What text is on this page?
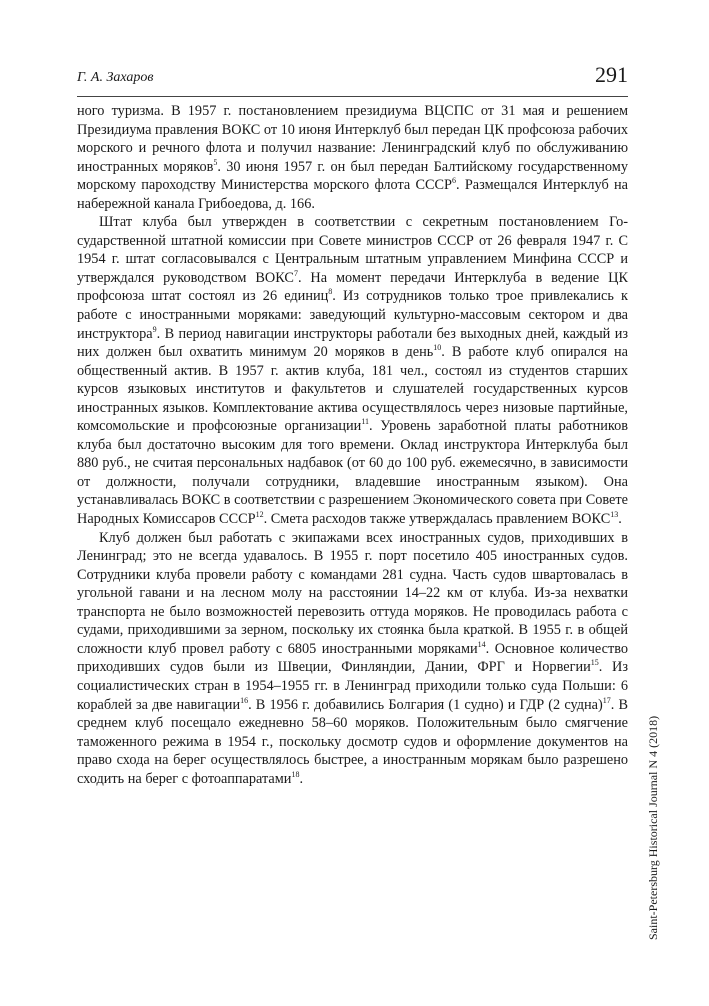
Г. А. Захаров	291

ного туризма. В 1957 г. постановлением президиума ВЦСПС от 31 мая и решением Президиума правления ВОКС от 10 июня Интерклуб был передан ЦК профсоюза рабочих морского и речного флота и получил название: Ленинградский клуб по обслуживанию иностранных моряков$^5$. 30 июня 1957 г. он был передан Балтийскому государственному морскому пароходству Министерства морского флота СССР$^6$. Размещался Интерклуб на набережной канала Грибоедова, д. 166.

Штат клуба был утвержден в соответствии с секретным постановлением Государственной штатной комиссии при Совете министров СССР от 26 февраля 1947 г. С 1954 г. штат согласовывался с Центральным штатным управлением Минфина СССР и утверждался руководством ВОКС$^7$. На момент передачи Интерклуба в ведение ЦК профсоюза штат состоял из 26 единиц$^8$. Из сотрудников только трое привлекались к работе с иностранными моряками: заведующий культурно-массовым сектором и два инструктора$^9$. В период навигации инструкторы работали без выходных дней, каждый из них должен был охватить минимум 20 моряков в день$^{10}$. В работе клуб опирался на общественный актив. В 1957 г. актив клуба, 181 чел., состоял из студентов старших курсов языковых институтов и факультетов и слушателей государственных курсов иностранных языков. Комплектование актива осуществлялось через низовые партийные, комсомольские и профсоюзные организации$^{11}$. Уровень заработной платы работников клуба был достаточно высоким для того времени. Оклад инструктора Интерклуба был 880 руб., не считая персональных надбавок (от 60 до 100 руб. ежемесячно, в зависимости от должности, получали сотрудники, владевшие иностранным языком). Она устанавливалась ВОКС в соответствии с разрешением Экономического совета при Совете Народных Комиссаров СССР$^{12}$. Смета расходов также утверждалась правлением ВОКС$^{13}$.

Клуб должен был работать с экипажами всех иностранных судов, приходивших в Ленинград; это не всегда удавалось. В 1955 г. порт посетило 405 иностранных судов. Сотрудники клуба провели работу с командами 281 судна. Часть судов швартовалась в угольной гавани и на лесном молу на расстоянии 14–22 км от клуба. Из-за нехватки транспорта не было возможностей перевозить оттуда моряков. Не проводилась работа с судами, приходившими за зерном, поскольку их стоянка была краткой. В 1955 г. в общей сложности клуб провел работу с 6805 иностранными моряками$^{14}$. Основное количество приходивших судов были из Швеции, Финляндии, Дании, ФРГ и Норвегии$^{15}$. Из социалистических стран в 1954–1955 гг. в Ленинград приходили только суда Польши: 6 кораблей за две навигации$^{16}$. В 1956 г. добавились Болгария (1 судно) и ГДР (2 судна)$^{17}$. В среднем клуб посещало ежедневно 58–60 моряков. Положительным было смягчение таможенного режима в 1954 г., поскольку досмотр судов и оформление документов на право схода на берег осуществлялось быстрее, а иностранным морякам было разрешено сходить на берег с фотоаппаратами$^{18}$.	Saint-Petersburg Historical Journal N 4 (2018)
